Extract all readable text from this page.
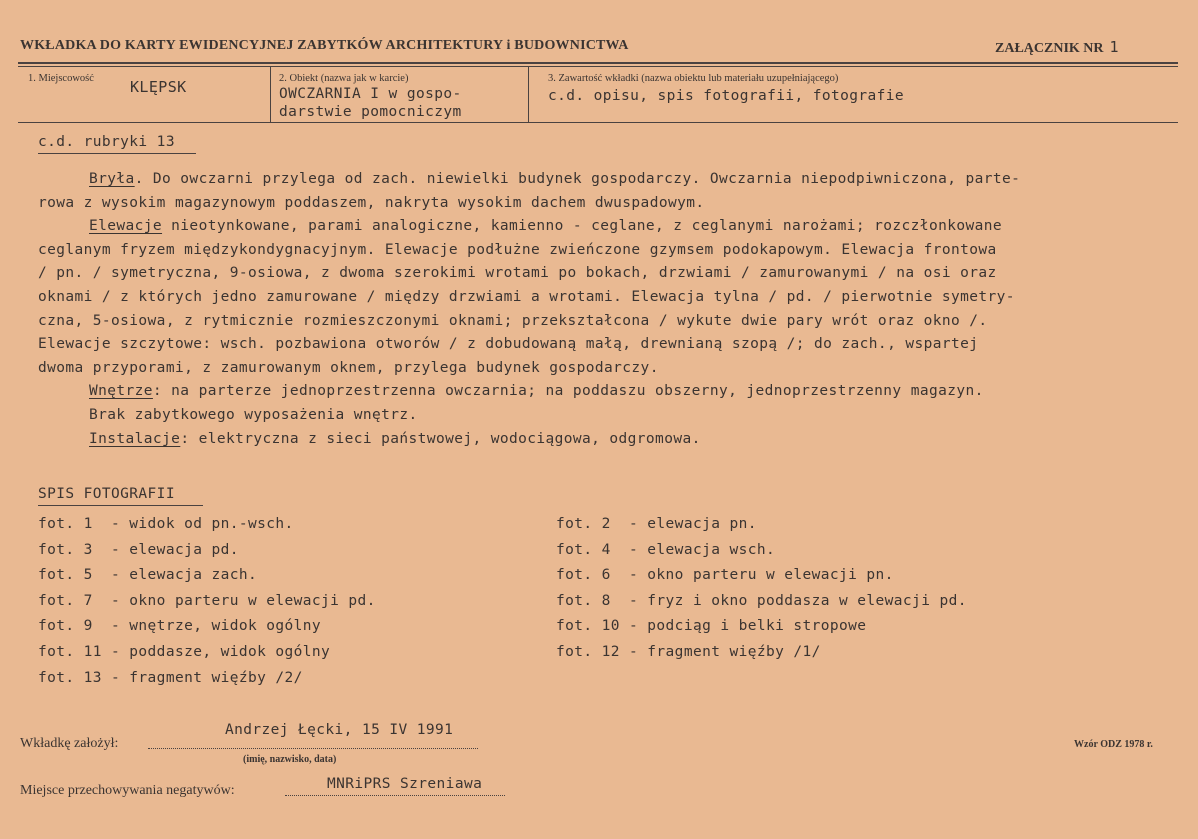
WKŁADKA DO KARTY EWIDENCYJNEJ ZABYTKÓW ARCHITEKTURY i BUDOWNICTWA	ZAŁĄCZNIK NR 1
1. Miejscowość KLĘPSK	2. Obiekt (nazwa jak w karcie)
OWCZARNIA I w gospo-
darstwie pomocniczym
3. Zawartość wkładki (nazwa obiektu lub materiału uzupełniającego)
c.d. opisu, spis fotografii, fotografie
c.d. rubryki 13
Bryła. Do owczarni przylega od zach. niewielki budynek gospodarczy. Owczarnia niepodpiwniczona, parte-
rowa z wysokim magazynowym poddaszem, nakryta wysokim dachem dwuspadowym.
Elewacje nieotynkowane, parami analogiczne, kamienno - ceglane, z ceglanymi narożami; rozczłonkowane
ceglanym fryzem międzykondygnacyjnym. Elewacje podłużne zwieńczone gzymsem podokapowym. Elewacja frontowa
/ pn. / symetryczna, 9-osiowa, z dwoma szerokimi wrotami po bokach, drzwiami / zamurowanymi / na osi oraz
oknami / z których jedno zamurowane / między drzwiami a wrotami. Elewacja tylna / pd. / pierwotnie symetry-
czna, 5-osiowa, z rytmicznie rozmieszczonymi oknami; przekształcona / wykute dwie pary wrót oraz okno /.
Elewacje szczytowe: wsch. pozbawiona otworów / z dobudowaną małą, drewnianą szopą /; do zach., wspartej
dwoma przyporami, z zamurowanym oknem, przylega budynek gospodarczy.
Wnętrze: na parterze jednoprzestrzenna owczarnia; na poddaszu obszerny, jednoprzestrzenny magazyn.
Brak zabytkowego wyposażenia wnętrz.
Instalacje: elektryczna z sieci państwowej, wodociągowa, odgromowa.
SPIS FOTOGRAFII
fot. 1  - widok od pn.-wsch.
fot. 3  - elewacja pd.
fot. 5  - elewacja zach.
fot. 7  - okno parteru w elewacji pd.
fot. 9  - wnętrze, widok ogólny
fot. 11 - poddasze, widok ogólny
fot. 13 - fragment więźby /2/
fot. 2  - elewacja pn.
fot. 4  - elewacja wsch.
fot. 6  - okno parteru w elewacji pn.
fot. 8  - fryz i okno poddasza w elewacji pd.
fot. 10 - podciąg i belki stropowe
fot. 12 - fragment więźby /1/
Wkładkę założył:
Andrzej Łęcki, 15 IV 1991
(imię, nazwisko, data)
Wzór ODZ 1978 r.
Miejsce przechowywania negatywów:	MNRiPRS Szreniawa
